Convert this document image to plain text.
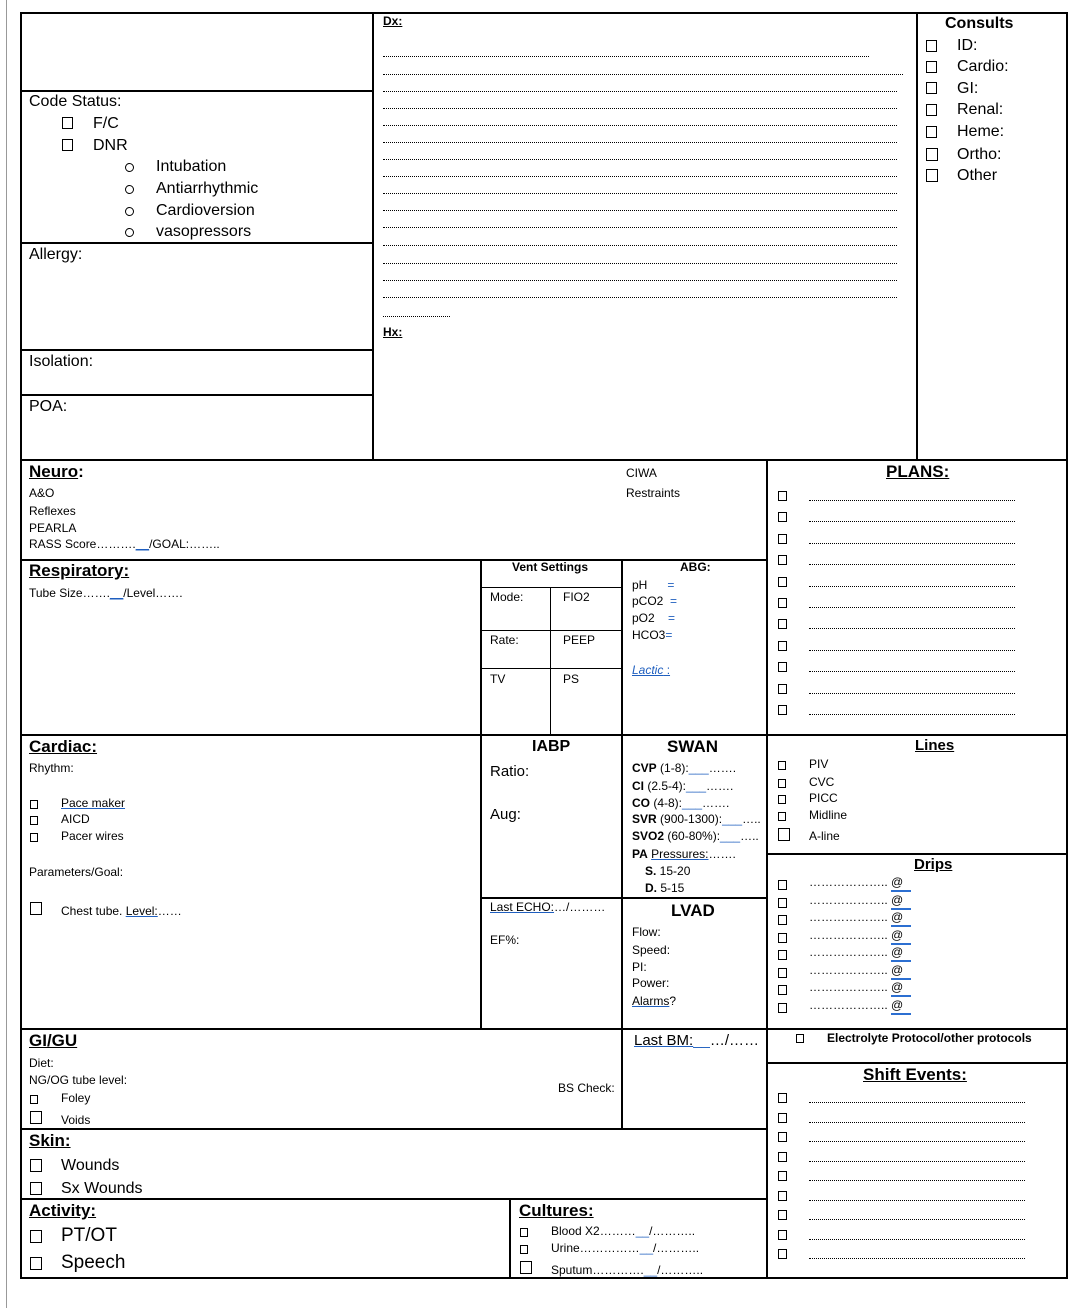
Code Status:
F/C
DNR
Intubation
Antiarrhythmic
Cardioversion
vasopressors
Allergy:
Isolation:
POA:
Dx:
Hx:
Consults
ID:
Cardio:
GI:
Renal:
Heme:
Ortho:
Other
Neuro:
A&O
Reflexes
PEARLA
RASS Score……….__/GOAL:……..
CIWA
Restraints
PLANS:
Respiratory:
Tube Size…….__/Level…….
Vent Settings
Mode:	FIO2
Rate:	PEEP
TV	PS
ABG:
pH      =
pCO2  =
pO2    =
HCO3=
Lactic :
Cardiac:
Rhythm:
Pace maker
AICD
Pacer wires
Parameters/Goal:
Chest tube. Level:……
IABP
Ratio:
Aug:
Last ECHO:…/………
EF%:
SWAN
CVP (1-8):___…….
CI (2.5-4):___…….
CO (4-8):___…….
SVR (900-1300):___…..
SVO2 (60-80%):___…..
PA Pressures:…….
S. 15-20
D. 5-15
LVAD
Flow:
Speed:
PI:
Power:
Alarms?
Lines
PIV
CVC
PICC
Midline
A-line
Drips
……………….. @
……………….. @
……………….. @
……………….. @
……………….. @
……………….. @
……………….. @
……………….. @
GI/GU
Diet:
NG/OG tube level:
Foley
Voids
BS Check:
Last BM:__…/……	Electrolyte Protocol/other protocols
Shift Events:
Skin:
Wounds
Sx Wounds
Activity:
PT/OT
Speech
Cultures:
Blood X2………__/………..
Urine……………__/………..
Sputum………….__/………..
